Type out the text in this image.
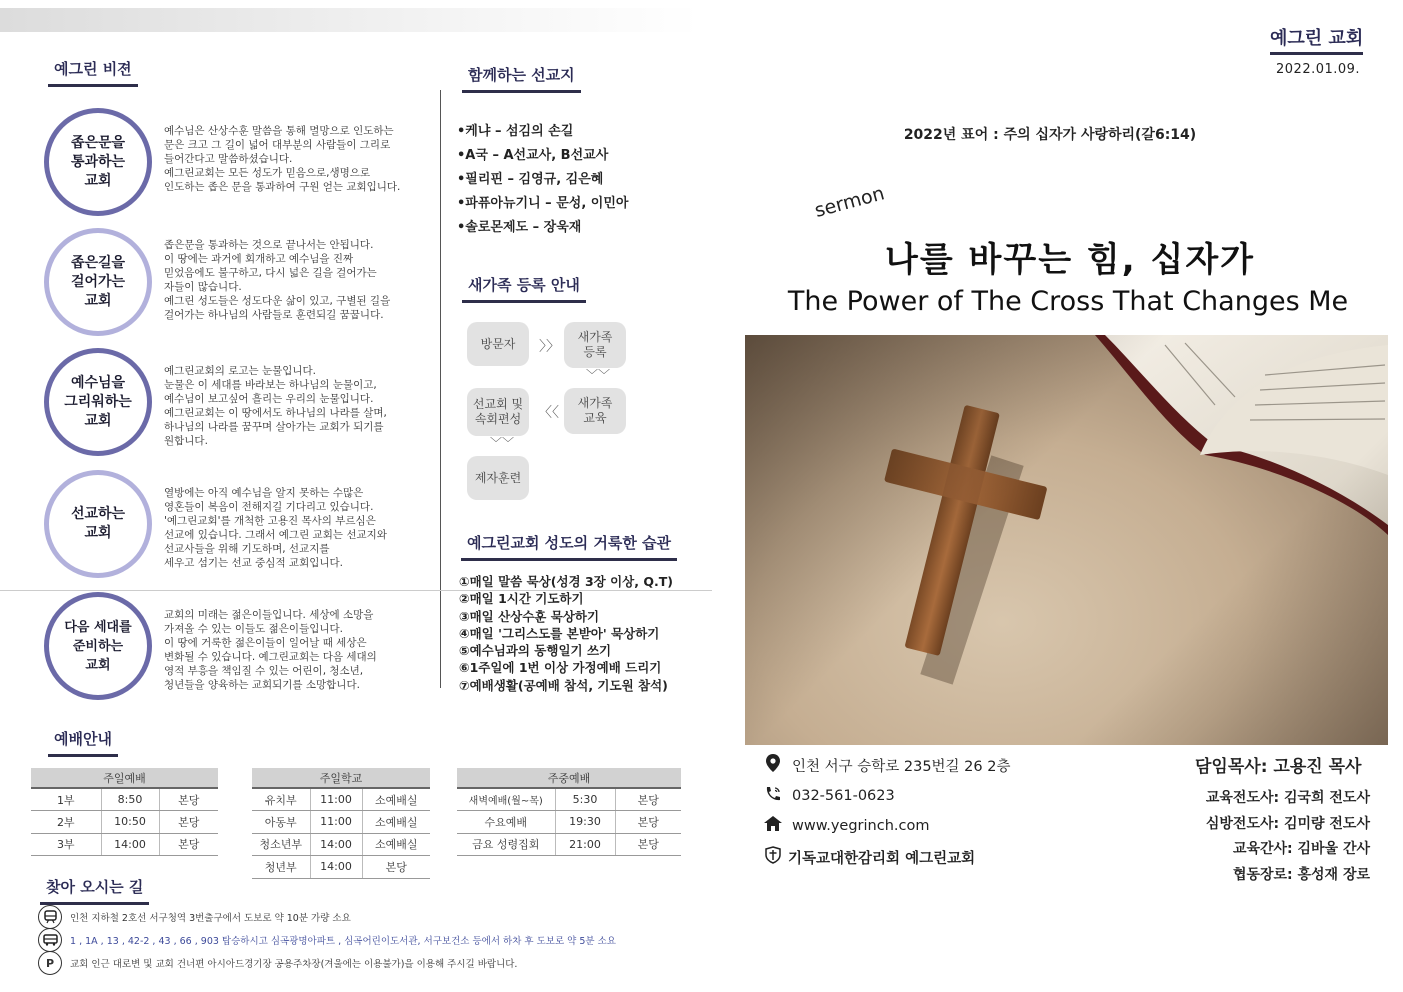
예그린 비젼
좁은문을
통과하는
교회
예수님은 산상수훈 말씀을 통해 멸망으로 인도하는
문은 크고 그 길이 넓어 대부분의 사람들이 그리로
들어간다고 말씀하셨습니다.
예그린교회는 모든 성도가 믿음으로,생명으로
인도하는 좁은 문을 통과하여 구원 얻는 교회입니다.
좁은길을
걸어가는
교회
좁은문을 통과하는 것으로 끝나서는 안됩니다.
이 땅에는 과거에 회개하고 예수님을 진짜
믿었음에도 불구하고, 다시 넓은 길을 걸어가는
자들이 많습니다.
예그린 성도들은 성도다운 삶이 있고, 구별된 길을
걸어가는 하나님의 사람들로 훈련되길 꿈꿉니다.
예수님을
그리워하는
교회
예그린교회의 로고는 눈물입니다.
눈물은 이 세대를 바라보는 하나님의 눈물이고,
예수님이 보고싶어 흘리는 우리의 눈물입니다.
예그린교회는 이 땅에서도 하나님의 나라를 살며,
하나님의 나라를 꿈꾸며 살아가는 교회가 되기를
원합니다.
선교하는
교회
열방에는 아직 예수님을 알지 못하는 수많은
영혼들이 복음이 전해지길 기다리고 있습니다.
'예그린교회'를 개척한 고용진 목사의 부르심은
선교에 있습니다. 그래서 예그린 교회는 선교지와
선교사들을 위해 기도하며, 선교지를
세우고 섬기는 선교 중심적 교회입니다.
다음 세대를
준비하는
교회
교회의 미래는 젊은이들입니다. 세상에 소망을
가져올 수 있는 이들도 젊은이들입니다.
이 땅에 거룩한 젊은이들이 일어날 때 세상은
변화될 수 있습니다. 예그린교회는 다음 세대의
영적 부흥을 책임질 수 있는 어린이, 청소년,
청년들을 양육하는 교회되기를 소망합니다.
함께하는 선교지
•케냐 – 섬김의 손길
•A국 – A선교사, B선교사
•필리핀 – 김영규, 김은혜
•파퓨아뉴기니 – 문성, 이민아
•솔로몬제도 – 장욱재
새가족 등록 안내
방문자	〉〉
새가족
등록
﹀﹀
새가족
교육
〈〈
선교회 및
속회편성
﹀﹀
제자훈련
예그린교회 성도의 거룩한 습관
①매일 말씀 묵상(성경 3장 이상, Q.T)
②매일 1시간 기도하기
③매일 산상수훈 묵상하기
④매일 '그리스도를 본받아' 묵상하기
⑤예수님과의 동행일기 쓰기
⑥1주일에 1번 이상 가정예배 드리기
⑦예배생활(공예배 참석, 기도원 참석)
예배안내
주일예배		
1부	8:50	본당
2부	10:50	본당
3부	14:00	본당
주일학교		
유치부	11:00	소예배실
아동부	11:00	소예배실
청소년부	14:00	소예배실
청년부	14:00	본당
주중예배		
새벽예배(월~목)	5:30	본당
수요예배	19:30	본당
금요 성령집회	21:00	본당
찾아 오시는 길
인천 지하철 2호선 서구청역 3번출구에서 도보로 약 10분 가량 소요
1 , 1A , 13 , 42-2 , 43 , 66 , 903 탑승하시고 심곡광명아파트 , 심곡어린이도서관, 서구보건소 등에서 하차 후 도보로 약 5분 소요
P	교회 인근 대로변 및 교회 건너편 아시아드경기장 공용주차장(겨울에는 이용불가)을 이용해 주시길 바랍니다.
예그린 교회
2022.01.09.
2022년 표어 : 주의 십자가 사랑하리(갈6:14)
sermon
나를 바꾸는 힘, 십자가
The Power of The Cross That Changes Me
인천 서구 승학로 235번길 26 2층
032-561-0623
www.yegrinch.com
기독교대한감리회 예그린교회
담임목사: 고용진 목사
교육전도사: 김국희 전도사
심방전도사: 김미량 전도사
교육간사: 김바울 간사
협동장로: 홍성재 장로
